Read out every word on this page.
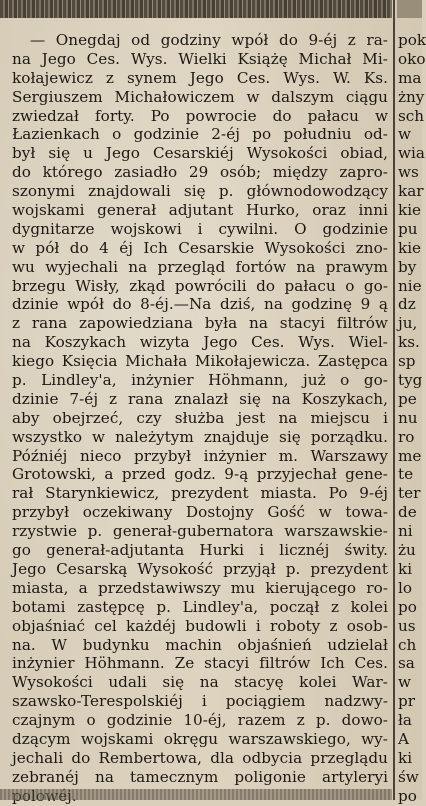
— Onegdaj od godziny wpół do 9-éj z ra-
na Jego Ces. Wys. Wielki Książę Michał Mi-
kołajewicz z synem Jego Ces. Wys. W. Ks.
Sergiuszem Michałowiczem w dalszym ciągu
zwiedzał forty. Po powrocie do pałacu w
Łazienkach o godzinie 2-éj po południu od-
był się u Jego Cesarskiéj Wysokości obiad,
do którego zasiadło 29 osób; między zapro-
szonymi znajdowali się p. głównodowodzący
wojskami generał adjutant Hurko, oraz inni
dygnitarze wojskowi i cywilni. O godzinie
w pół do 4 éj Ich Cesarskie Wysokości zno-
wu wyjechali na przegląd fortów na prawym
brzegu Wisły, zkąd powrócili do pałacu o go-
dzinie wpół do 8-éj.—Na dziś, na godzinę 9 ą
z rana zapowiedziana była na stacyi filtrów
na Koszykach wizyta Jego Ces. Wys. Wiel-
kiego Księcia Michała Mikołajewicza. Zastępca
p. Lindley'a, inżynier Höhmann, już o go-
dzinie 7-éj z rana znalazł się na Koszykach,
aby obejrzeć, czy służba jest na miejscu i
wszystko w należytym znajduje się porządku.
Późniéj nieco przybył inżynier m. Warszawy
Grotowski, a przed godz. 9-ą przyjechał gene-
rał Starynkiewicz, prezydent miasta. Po 9-éj
przybył oczekiwany Dostojny Gość w towa-
rzystwie p. generał-gubernatora warszawskie-
go generał-adjutanta Hurki i licznéj świty.
Jego Cesarską Wysokość przyjął p. prezydent
miasta, a przedstawiwszy mu kierującego ro-
botami zastępcę p. Lindley'a, począł z kolei
objaśniać cel każdéj budowli i roboty z osob-
na. W budynku machin objaśnień udzielał
inżynier Höhmann. Ze stacyi filtrów Ich Ces.
Wysokości udali się na stacyę kolei War-
szawsko-Terespolskiéj i pociągiem nadzwy-
czajnym o godzinie 10-éj, razem z p. dowo-
dzącym wojskami okręgu warszawskiego, wy-
jechali do Rembertowa, dla odbycia przeglądu
zebranéj na tamecznym poligonie artyleryi
pok
oko
ma
żny
sch
w
wia
ws
kar
kie
pu
kie
by
nie
dz
ju,
ks.
sp
tyg
pe
nu
ro
me
te
ter
de
ni
żu
ki
lo
po
us
ch
sa
w
pr
ła
A
ki
św
po
